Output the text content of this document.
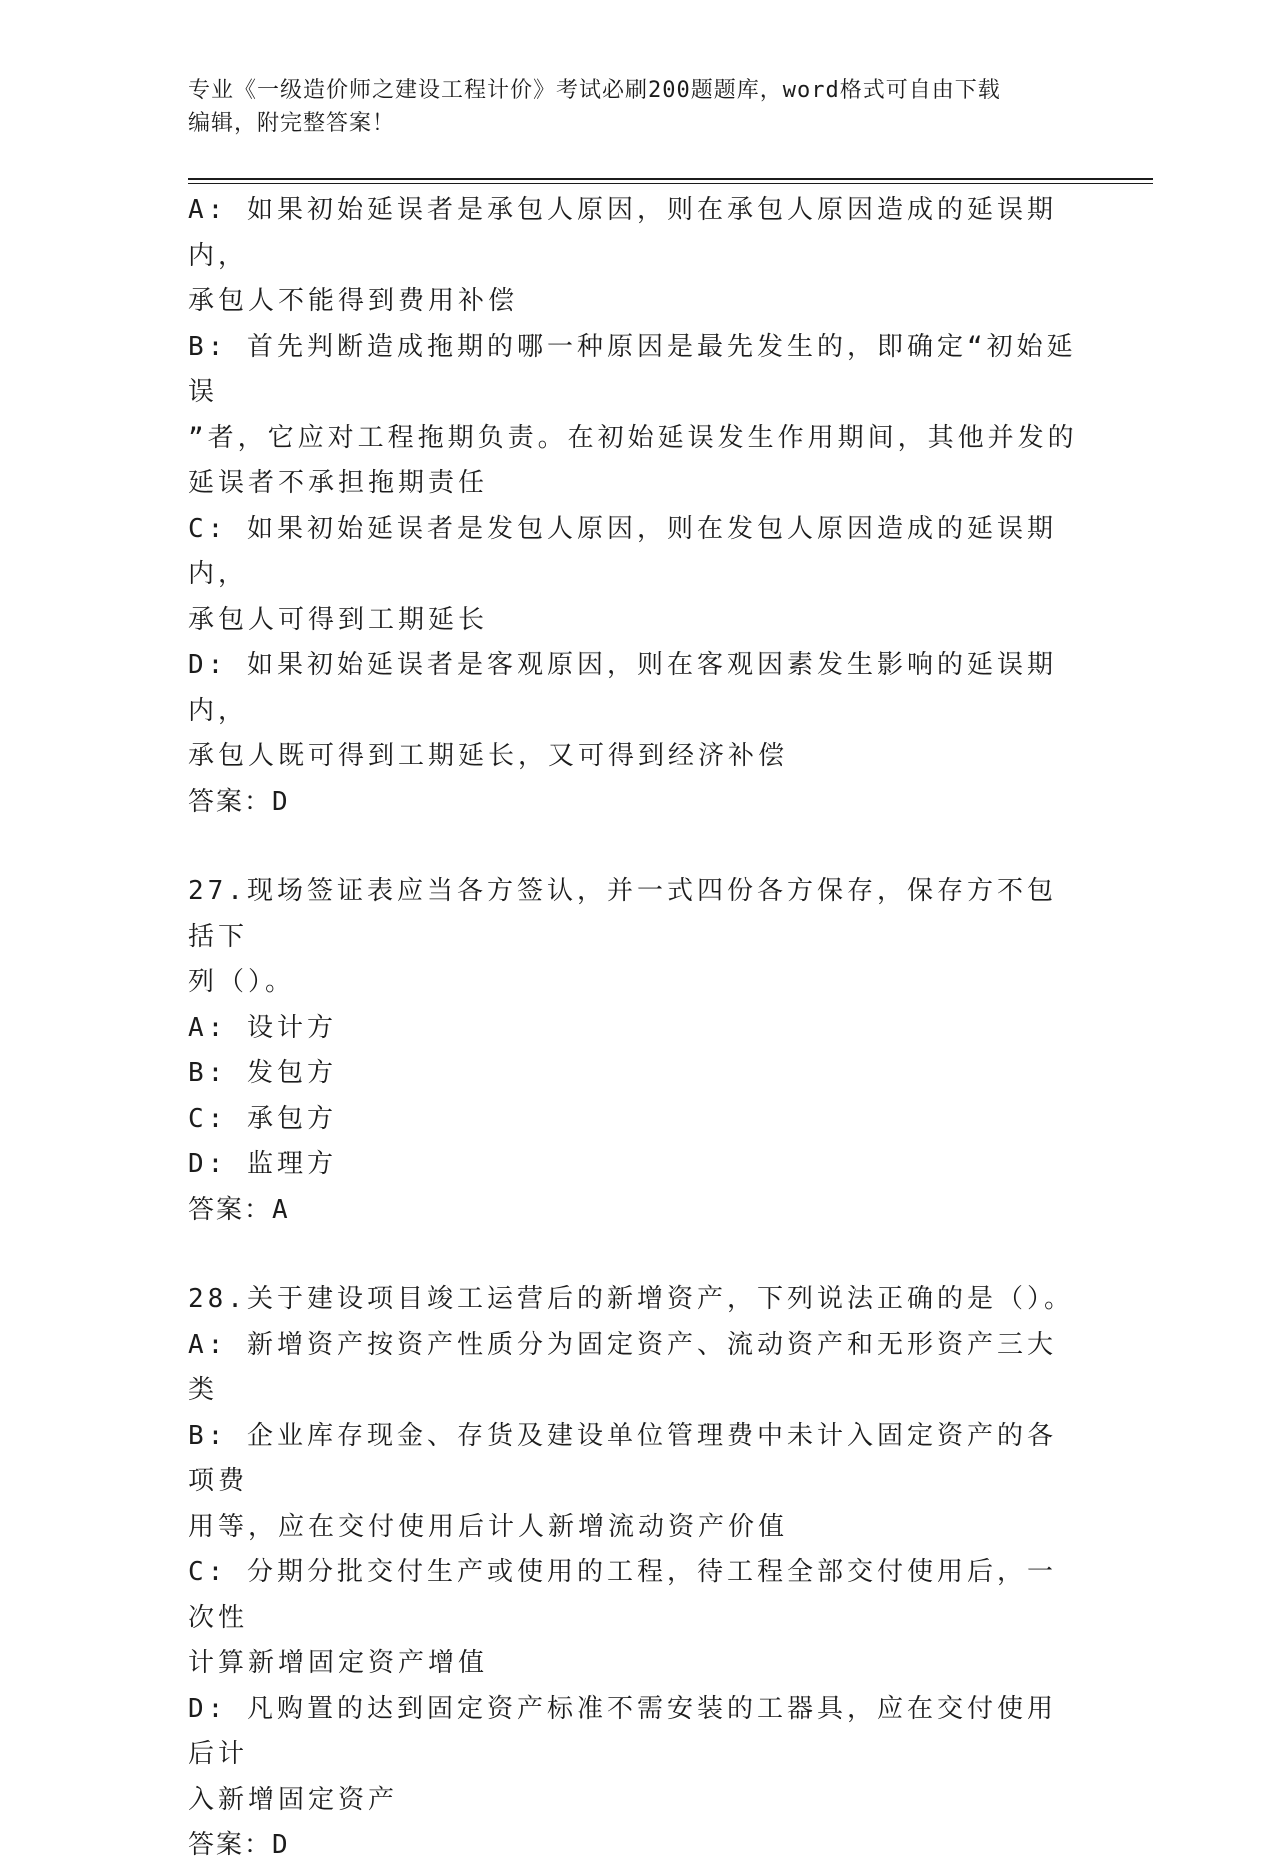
专业《一级造价师之建设工程计价》考试必刷200题题库，word格式可自由下载
编辑，附完整答案！
A: 如果初始延误者是承包人原因，则在承包人原因造成的延误期内，
承包人不能得到费用补偿
B: 首先判断造成拖期的哪一种原因是最先发生的，即确定“初始延误
”者，它应对工程拖期负责。在初始延误发生作用期间，其他并发的
延误者不承担拖期责任
C: 如果初始延误者是发包人原因，则在发包人原因造成的延误期内，
承包人可得到工期延长
D: 如果初始延误者是客观原因，则在客观因素发生影响的延误期内，
承包人既可得到工期延长，又可得到经济补偿
答案：D
27.现场签证表应当各方签认，并一式四份各方保存，保存方不包括下
列（）。
A: 设计方
B: 发包方
C: 承包方
D: 监理方
答案：A
28.关于建设项目竣工运营后的新增资产，下列说法正确的是（）。
A: 新增资产按资产性质分为固定资产、流动资产和无形资产三大类
B: 企业库存现金、存货及建设单位管理费中未计入固定资产的各项费
用等，应在交付使用后计人新增流动资产价值
C: 分期分批交付生产或使用的工程，待工程全部交付使用后，一次性
计算新增固定资产增值
D: 凡购置的达到固定资产标准不需安装的工器具，应在交付使用后计
入新增固定资产
答案：D
